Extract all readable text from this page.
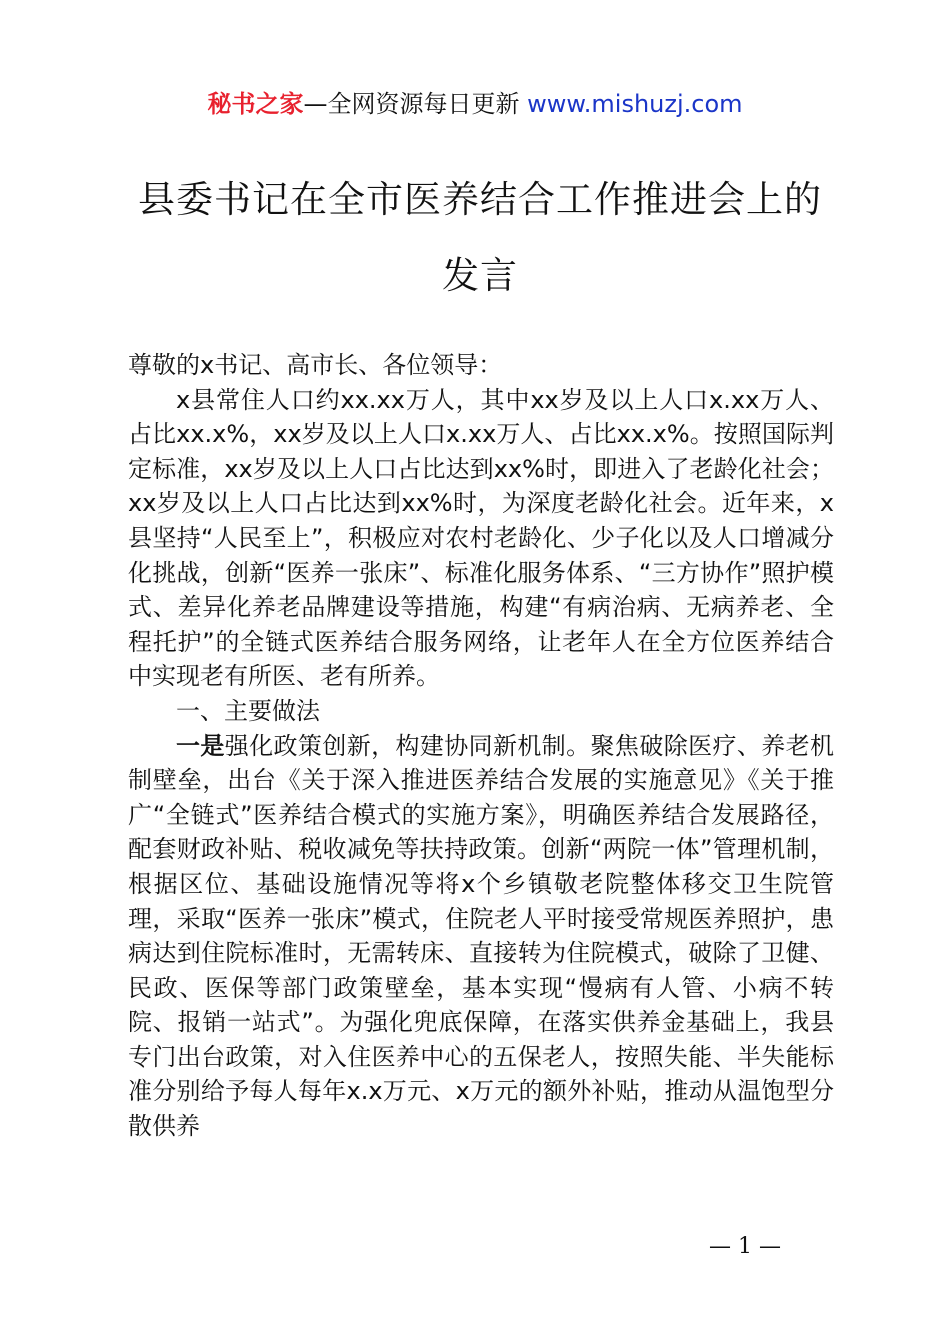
秘书之家—全网资源每日更新 www.mishuzj.com
县委书记在全市医养结合工作推进会上的发言

尊敬的x书记、高市长、各位领导：

x县常住人口约xx.xx万人，其中xx岁及以上人口x.xx万人、占比xx.x%，xx岁及以上人口x.xx万人、占比xx.x%。按照国际判定标准，xx岁及以上人口占比达到xx%时，即进入了老龄化社会；xx岁及以上人口占比达到xx%时，为深度老龄化社会。近年来，x县坚持“人民至上”，积极应对农村老龄化、少子化以及人口增减分化挑战，创新“医养一张床”、标准化服务体系、“三方协作”照护模式、差异化养老品牌建设等措施，构建“有病治病、无病养老、全程托护”的全链式医养结合服务网络，让老年人在全方位医养结合中实现老有所医、老有所养。

一、主要做法

一是强化政策创新，构建协同新机制。聚焦破除医疗、养老机制壁垒，出台《关于深入推进医养结合发展的实施意见》《关于推广“全链式”医养结合模式的实施方案》，明确医养结合发展路径，配套财政补贴、税收减免等扶持政策。创新“两院一体”管理机制，根据区位、基础设施情况等将x个乡镇敬老院整体移交卫生院管理，采取“医养一张床”模式，住院老人平时接受常规医养照护，患病达到住院标准时，无需转床、直接转为住院模式，破除了卫健、民政、医保等部门政策壁垒，基本实现“慢病有人管、小病不转院、报销一站式”。为强化兜底保障，在落实供养金基础上，我县专门出台政策，对入住医养中心的五保老人，按照失能、半失能标准分别给予每人每年x.x万元、x万元的额外补贴，推动从温饱型分散供养

— 1 —
